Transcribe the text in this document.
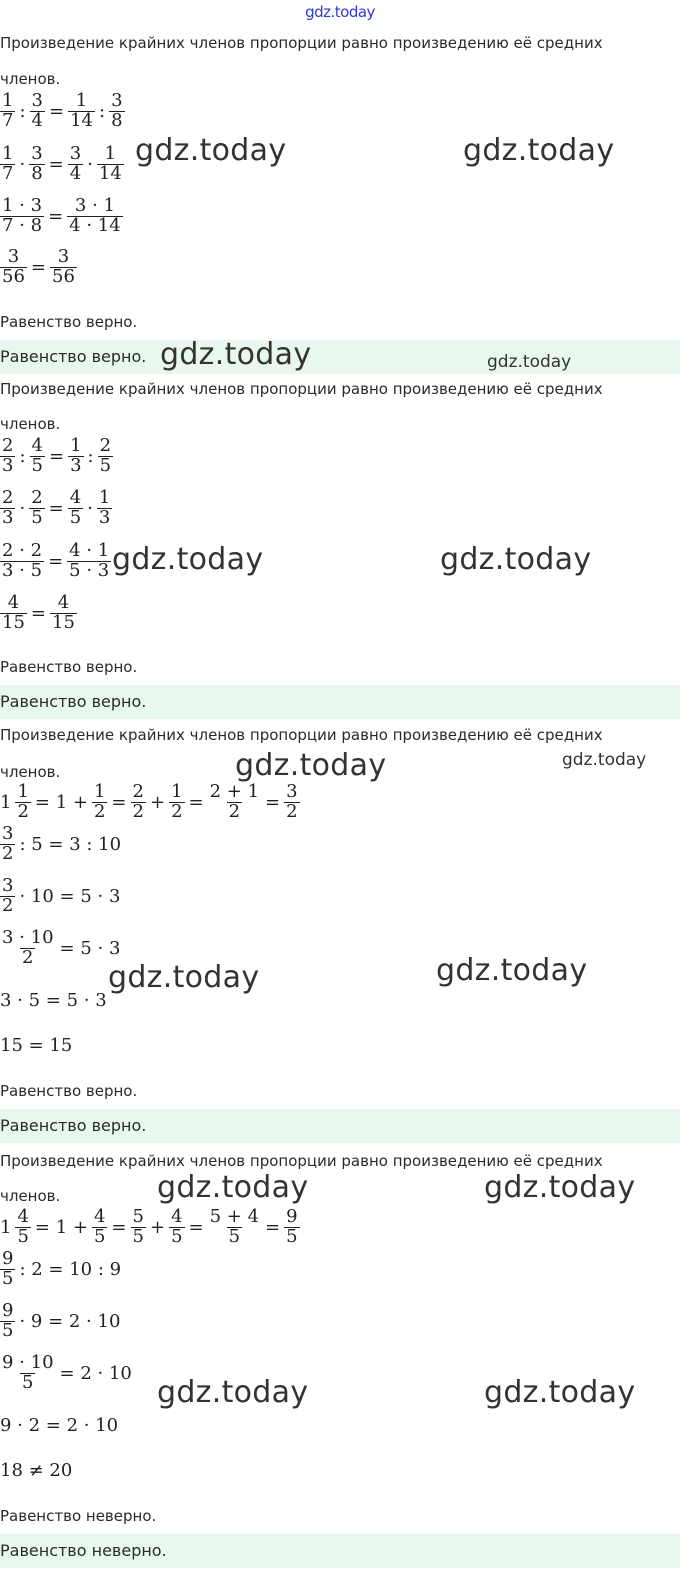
gdz.today
Произведение крайних членов пропорции равно произведению её средних
членов.
$\frac{1}{7}$ : $\frac{3}{4} = \frac{1}{14}$ : $\frac{3}{8}$
$\frac{1}{7} \cdot \frac{3}{8} = \frac{3}{4} \cdot \frac{1}{14}$
$\frac{1 \cdot 3}{7 \cdot 8} = \frac{3 \cdot 1}{4 \cdot 14}$
$\frac{3}{56} = \frac{3}{56}$
Равенство верно.
Равенство верно.
Произведение крайних членов пропорции равно произведению её средних
членов.
$\frac{2}{3}$ : $\frac{4}{5} = \frac{1}{3}$ : $\frac{2}{5}$
$\frac{2}{3} \cdot \frac{2}{5} = \frac{4}{5} \cdot \frac{1}{3}$
$\frac{2 \cdot 2}{3 \cdot 5} = \frac{4 \cdot 1}{5 \cdot 3}$
$\frac{4}{15} = \frac{4}{15}$
Равенство верно.
Равенство верно.
Произведение крайних членов пропорции равно произведению её средних
членов.
$1 \frac{1}{2} = 1 + \frac{1}{2} = \frac{2}{2} + \frac{1}{2} = \frac{2 + 1}{2} = \frac{3}{2}$
$\frac{3}{2}$ : 5 = 3 : 10
$\frac{3}{2} \cdot 10 = 5 \cdot 3$
$\frac{3 \cdot 10}{2} = 5 \cdot 3$
3 · 5 = 5 · 3
15 = 15
Равенство верно.
Равенство верно.
Произведение крайних членов пропорции равно произведению её средних
членов.
$1 \frac{4}{5} = 1 + \frac{4}{5} = \frac{5}{5} + \frac{4}{5} = \frac{5 + 4}{5} = \frac{9}{5}$
$\frac{9}{5}$ : 2 = 10 : 9
$\frac{9}{5} \cdot 9 = 2 \cdot 10$
$\frac{9 \cdot 10}{5} = 2 \cdot 10$
9 · 2 = 2 · 10
18 ≠ 20
Равенство неверно.
Равенство неверно.
gdz.today	gdz.today
gdz.today	gdz.today
gdz.today	gdz.today
gdz.today	gdz.today
gdz.today	gdz.today
gdz.today	gdz.today
gdz.today	gdz.today
